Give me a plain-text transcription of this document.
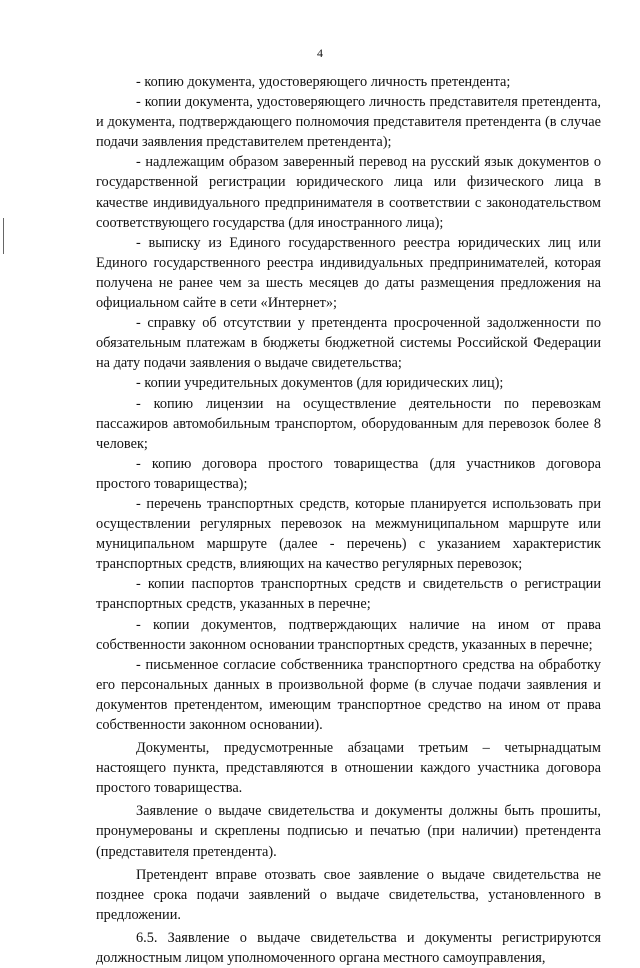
4

- копию документа, удостоверяющего личность претендента;

- копии документа, удостоверяющего личность представителя претендента, и документа, подтверждающего полномочия представителя претендента (в случае подачи заявления представителем претендента);

- надлежащим образом заверенный перевод на русский язык документов о государственной регистрации юридического лица или физического лица в качестве индивидуального предпринимателя в соответствии с законодательством соответствующего государства (для иностранного лица);

- выписку из Единого государственного реестра юридических лиц или Единого государственного реестра индивидуальных предпринимателей, которая получена не ранее чем за шесть месяцев до даты размещения предложения на официальном сайте в сети «Интернет»;

- справку об отсутствии у претендента просроченной задолженности по обязательным платежам в бюджеты бюджетной системы Российской Федерации на дату подачи заявления о выдаче свидетельства;

- копии учредительных документов (для юридических лиц);

- копию лицензии на осуществление деятельности по перевозкам пассажиров автомобильным транспортом, оборудованным для перевозок более 8 человек;

- копию договора простого товарищества (для участников договора простого товарищества);

- перечень транспортных средств, которые планируется использовать при осуществлении регулярных перевозок на межмуниципальном маршруте или муниципальном маршруте (далее - перечень) с указанием характеристик транспортных средств, влияющих на качество регулярных перевозок;

- копии паспортов транспортных средств и свидетельств о регистрации транспортных средств, указанных в перечне;

- копии документов, подтверждающих наличие на ином от права собственности законном основании транспортных средств, указанных в перечне;

- письменное согласие собственника транспортного средства на обработку его персональных данных в произвольной форме (в случае подачи заявления и документов претендентом, имеющим транспортное средство на ином от права собственности законном основании).

Документы, предусмотренные абзацами третьим – четырнадцатым настоящего пункта, представляются в отношении каждого участника договора простого товарищества.

Заявление о выдаче свидетельства и документы должны быть прошиты, пронумерованы и скреплены подписью и печатью (при наличии) претендента (представителя претендента).

Претендент вправе отозвать свое заявление о выдаче свидетельства не позднее срока подачи заявлений о выдаче свидетельства, установленного в предложении.

6.5. Заявление о выдаче свидетельства и документы регистрируются должностным лицом уполномоченного органа местного самоуправления,
